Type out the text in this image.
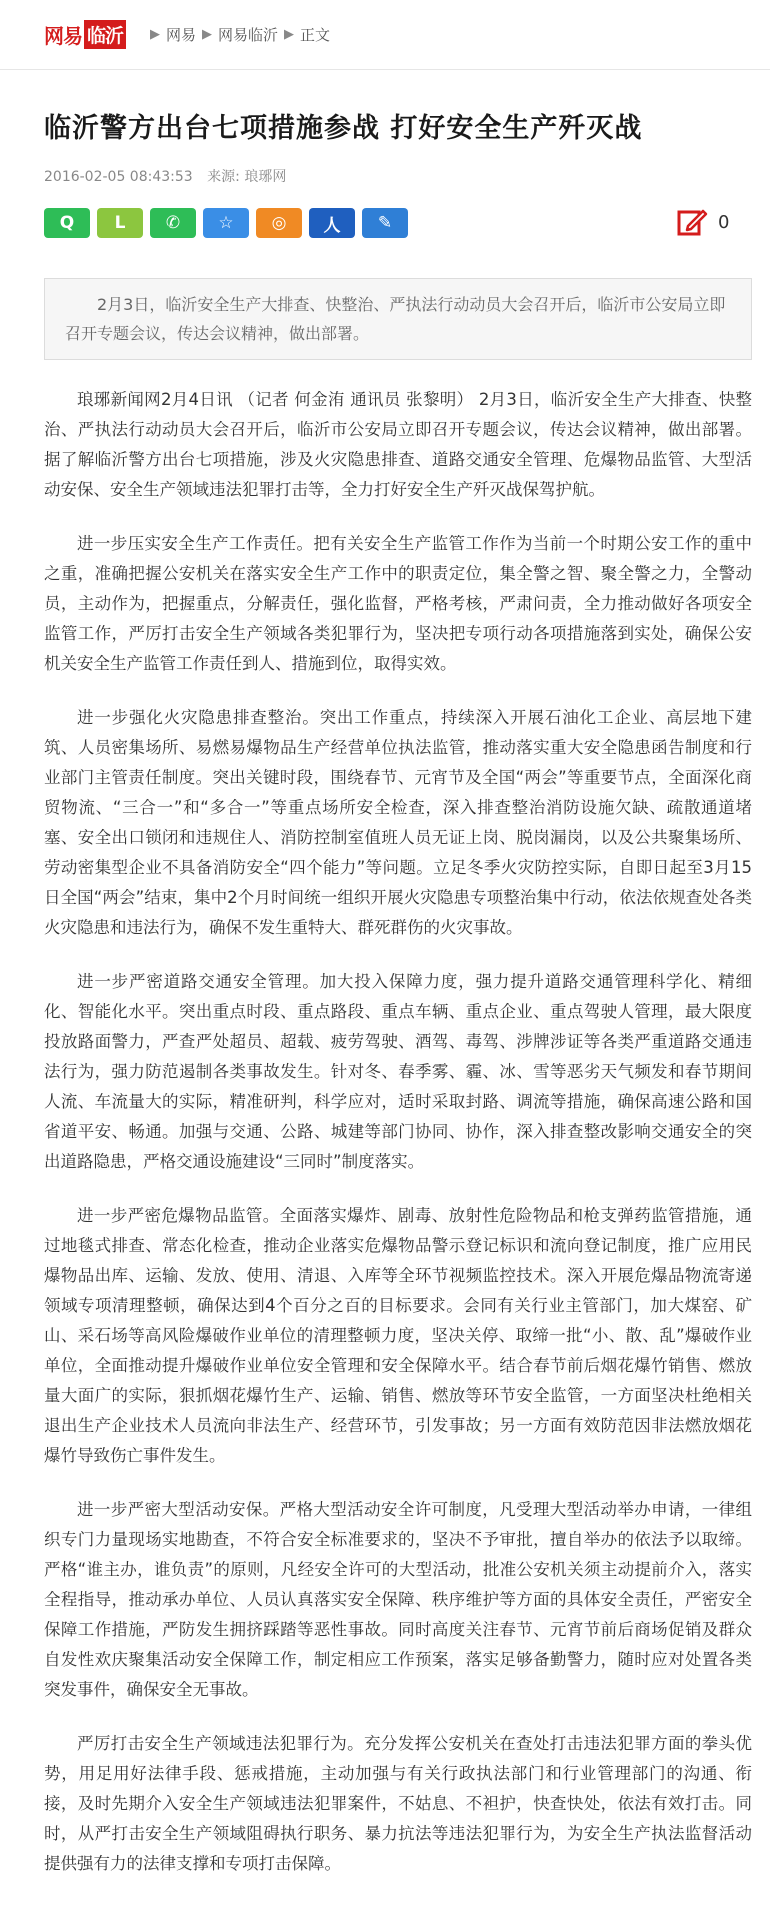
网易 临沂 ▶ 网易 ▶ 网易临沂 ▶ 正文
临沂警方出台七项措施参战 打好安全生产歼灭战
2016-02-05 08:43:53 来源: 琅琊网
Q L ✆ ☆ ◎ 人 ✎	0
2月3日，临沂安全生产大排查、快整治、严执法行动动员大会召开后，临沂市公安局立即召开专题会议，传达会议精神，做出部署。

琅琊新闻网2月4日讯 （记者 何金洧 通讯员 张黎明） 2月3日，临沂安全生产大排查、快整治、严执法行动动员大会召开后，临沂市公安局立即召开专题会议，传达会议精神，做出部署。据了解临沂警方出台七项措施，涉及火灾隐患排查、道路交通安全管理、危爆物品监管、大型活动安保、安全生产领域违法犯罪打击等，全力打好安全生产歼灭战保驾护航。

进一步压实安全生产工作责任。把有关安全生产监管工作作为当前一个时期公安工作的重中之重，准确把握公安机关在落实安全生产工作中的职责定位，集全警之智、聚全警之力，全警动员，主动作为，把握重点，分解责任，强化监督，严格考核，严肃问责，全力推动做好各项安全监管工作，严厉打击安全生产领域各类犯罪行为，坚决把专项行动各项措施落到实处，确保公安机关安全生产监管工作责任到人、措施到位，取得实效。

进一步强化火灾隐患排查整治。突出工作重点，持续深入开展石油化工企业、高层地下建筑、人员密集场所、易燃易爆物品生产经营单位执法监管，推动落实重大安全隐患函告制度和行业部门主管责任制度。突出关键时段，围绕春节、元宵节及全国“两会”等重要节点，全面深化商贸物流、“三合一”和“多合一”等重点场所安全检查，深入排查整治消防设施欠缺、疏散通道堵塞、安全出口锁闭和违规住人、消防控制室值班人员无证上岗、脱岗漏岗，以及公共聚集场所、劳动密集型企业不具备消防安全“四个能力”等问题。立足冬季火灾防控实际，自即日起至3月15日全国“两会”结束，集中2个月时间统一组织开展火灾隐患专项整治集中行动，依法依规查处各类火灾隐患和违法行为，确保不发生重特大、群死群伤的火灾事故。

进一步严密道路交通安全管理。加大投入保障力度，强力提升道路交通管理科学化、精细化、智能化水平。突出重点时段、重点路段、重点车辆、重点企业、重点驾驶人管理，最大限度投放路面警力，严查严处超员、超载、疲劳驾驶、酒驾、毒驾、涉牌涉证等各类严重道路交通违法行为，强力防范遏制各类事故发生。针对冬、春季雾、霾、冰、雪等恶劣天气频发和春节期间人流、车流量大的实际，精准研判，科学应对，适时采取封路、调流等措施，确保高速公路和国省道平安、畅通。加强与交通、公路、城建等部门协同、协作，深入排查整改影响交通安全的突出道路隐患，严格交通设施建设“三同时”制度落实。

进一步严密危爆物品监管。全面落实爆炸、剧毒、放射性危险物品和枪支弹药监管措施，通过地毯式排查、常态化检查，推动企业落实危爆物品警示登记标识和流向登记制度，推广应用民爆物品出库、运输、发放、使用、清退、入库等全环节视频监控技术。深入开展危爆品物流寄递领域专项清理整顿，确保达到4个百分之百的目标要求。会同有关行业主管部门，加大煤窑、矿山、采石场等高风险爆破作业单位的清理整顿力度，坚决关停、取缔一批“小、散、乱”爆破作业单位，全面推动提升爆破作业单位安全管理和安全保障水平。结合春节前后烟花爆竹销售、燃放量大面广的实际，狠抓烟花爆竹生产、运输、销售、燃放等环节安全监管，一方面坚决杜绝相关退出生产企业技术人员流向非法生产、经营环节，引发事故；另一方面有效防范因非法燃放烟花爆竹导致伤亡事件发生。

进一步严密大型活动安保。严格大型活动安全许可制度，凡受理大型活动举办申请，一律组织专门力量现场实地勘查，不符合安全标准要求的，坚决不予审批，擅自举办的依法予以取缔。严格“谁主办，谁负责”的原则，凡经安全许可的大型活动，批准公安机关须主动提前介入，落实全程指导，推动承办单位、人员认真落实安全保障、秩序维护等方面的具体安全责任，严密安全保障工作措施，严防发生拥挤踩踏等恶性事故。同时高度关注春节、元宵节前后商场促销及群众自发性欢庆聚集活动安全保障工作，制定相应工作预案，落实足够备勤警力，随时应对处置各类突发事件，确保安全无事故。

严厉打击安全生产领域违法犯罪行为。充分发挥公安机关在查处打击违法犯罪方面的拳头优势，用足用好法律手段、惩戒措施，主动加强与有关行政执法部门和行业管理部门的沟通、衔接，及时先期介入安全生产领域违法犯罪案件，不姑息、不袒护，快查快处，依法有效打击。同时，从严打击安全生产领域阻碍执行职务、暴力抗法等违法犯罪行为，为安全生产执法监督活动提供强有力的法律支撑和专项打击保障。
